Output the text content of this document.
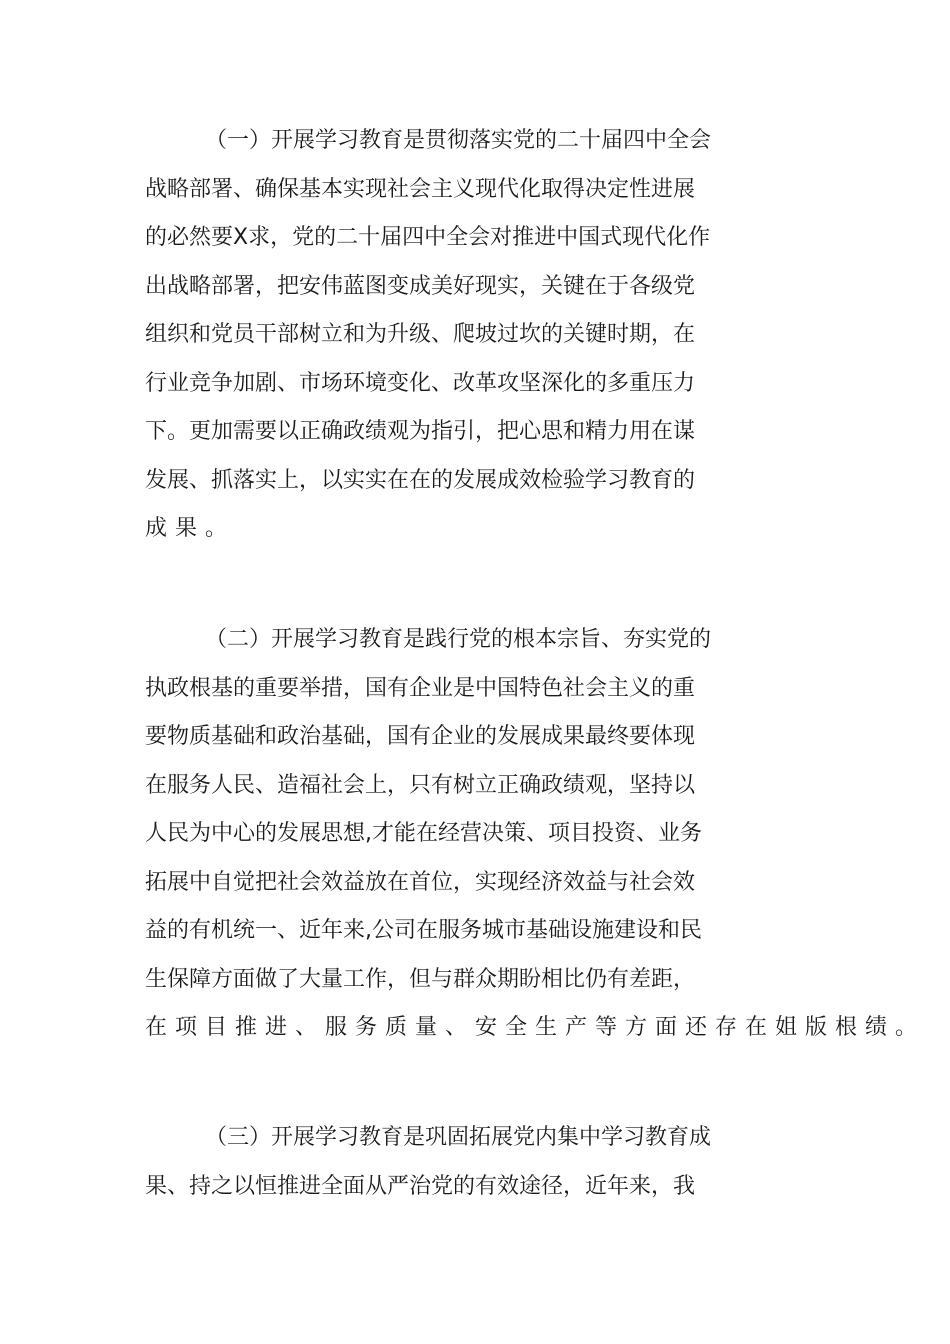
（一）开展学习教育是贯彻落实党的二十届四中全会
战略部署、确保基本实现社会主义现代化取得决定性进展
的必然要X求，党的二十届四中全会对推进中国式现代化作
出战略部署，把安伟蓝图变成美好现实，关键在于各级党
组织和党员干部树立和为升级、爬坡过坎的关键时期，在
行业竞争加剧、市场环境变化、改革攻坚深化的多重压力
下。更加需要以正确政绩观为指引，把心思和精力用在谋
发展、抓落实上，以实实在在的发展成效检验学习教育的
成果。
（二）开展学习教育是践行党的根本宗旨、夯实党的
执政根基的重要举措，国有企业是中国特色社会主义的重
要物质基础和政治基础，国有企业的发展成果最终要体现
在服务人民、造福社会上，只有树立正确政绩观，坚持以
人民为中心的发展思想,才能在经营决策、项目投资、业务
拓展中自觉把社会效益放在首位，实现经济效益与社会效
益的有机统一、近年来,公司在服务城市基础设施建设和民
生保障方面做了大量工作，但与群众期盼相比仍有差距，
在项目推进、服务质量、安全生产等方面还存在姐版根绩。
（三）开展学习教育是巩固拓展党内集中学习教育成
果、持之以恒推进全面从严治党的有效途径，近年来，我
